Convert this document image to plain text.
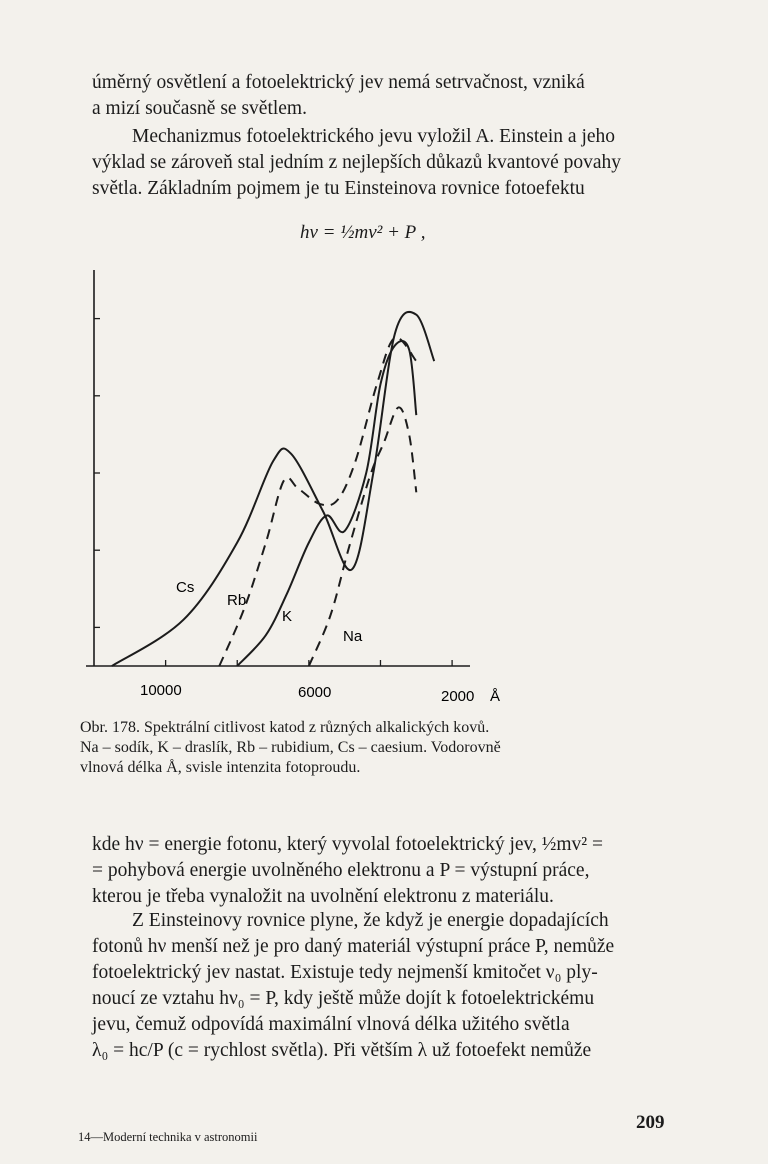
úměrný osvětlení a fotoelektrický jev nemá setrvačnost, vzniká
a mizí současně se světlem.
Mechanizmus fotoelektrického jevu vyložil A. Einstein a jeho
výklad se zároveň stal jedním z nejlepších důkazů kvantové povahy
světla. Základním pojmem je tu Einsteinova rovnice fotoefektu
hν = ½mv² + P ,
10000	6000	2000 Å
Cs
Rb
K
Na
Obr. 178. Spektrální citlivost katod z různých alkalických kovů.
Na – sodík, K – draslík, Rb – rubidium, Cs – caesium. Vodorovně
vlnová délka Å, svisle intenzita fotoproudu.
kde hν = energie fotonu, který vyvolal fotoelektrický jev, ½mv² =
= pohybová energie uvolněného elektronu a P = výstupní práce,
kterou je třeba vynaložit na uvolnění elektronu z materiálu.
Z Einsteinovy rovnice plyne, že když je energie dopadajících
fotonů hν menší než je pro daný materiál výstupní práce P, nemůže
fotoelektrický jev nastat. Existuje tedy nejmenší kmitočet ν₀ ply-
noucí ze vztahu hν₀ = P, kdy ještě může dojít k fotoelektrickému
jevu, čemuž odpovídá maximální vlnová délka užitého světla
λ₀ = hc/P (c = rychlost světla). Při větším λ už fotoefekt nemůže
14—Moderní technika v astronomii
209
